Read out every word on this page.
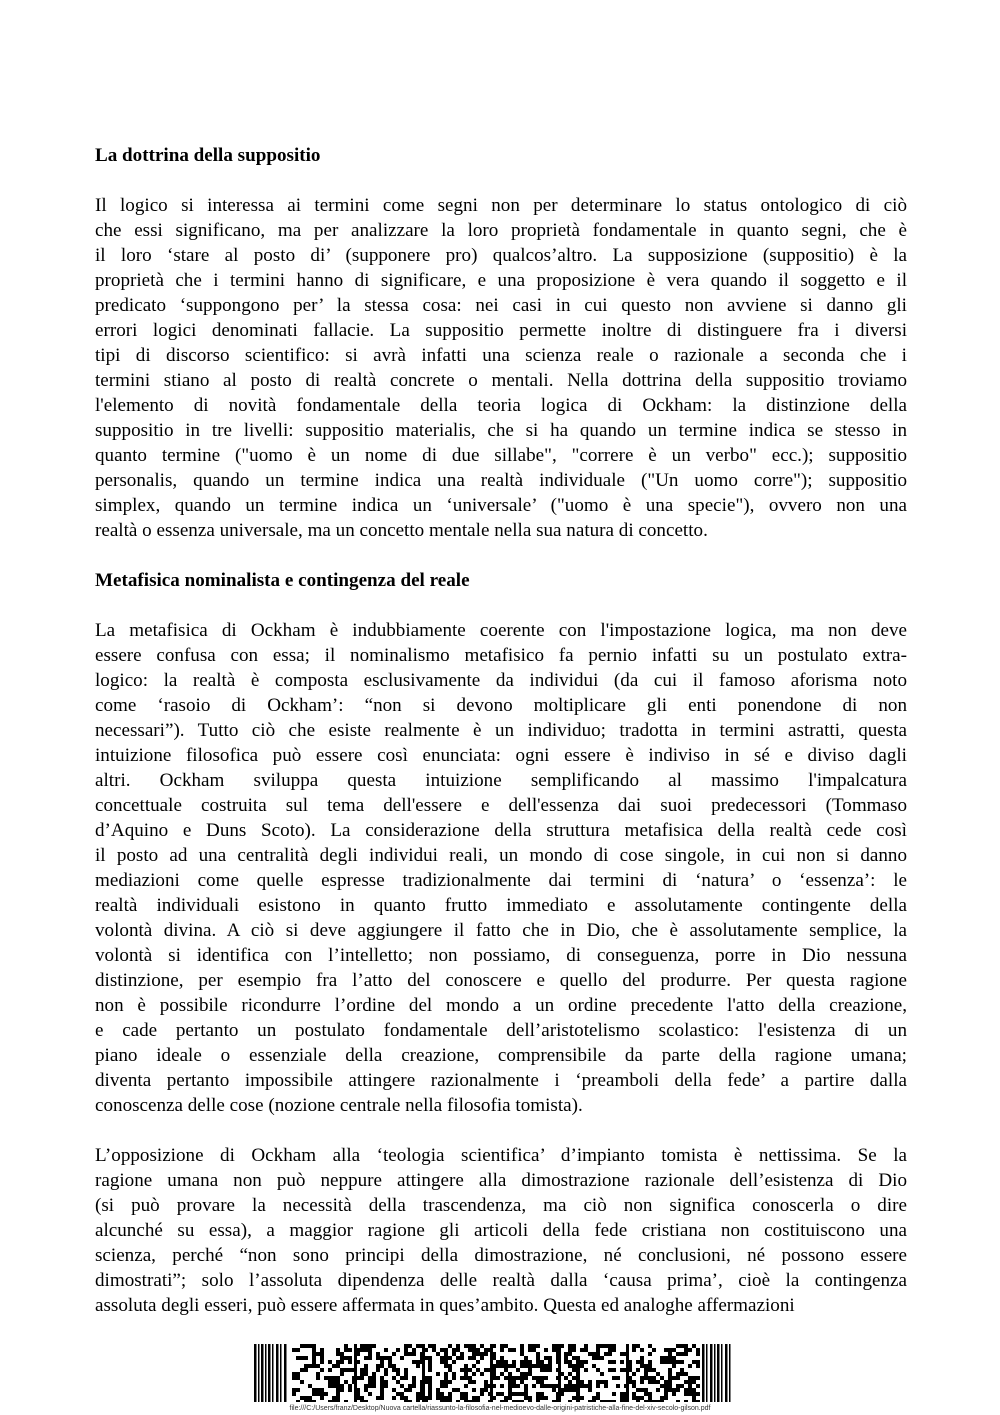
La dottrina della suppositio

Il logico si interessa ai termini come segni non per determinare lo status ontologico di ciò
che essi significano, ma per analizzare la loro proprietà fondamentale in quanto segni, che è
il loro ‘stare al posto di’ (supponere pro) qualcos’altro. La supposizione (suppositio) è la
proprietà che i termini hanno di significare, e una proposizione è vera quando il soggetto e il
predicato ‘suppongono per’ la stessa cosa: nei casi in cui questo non avviene si danno gli
errori logici denominati fallacie. La suppositio permette inoltre di distinguere fra i diversi
tipi di discorso scientifico: si avrà infatti una scienza reale o razionale a seconda che i
termini stiano al posto di realtà concrete o mentali. Nella dottrina della suppositio troviamo
l'elemento di novità fondamentale della teoria logica di Ockham: la distinzione della
suppositio in tre livelli: suppositio materialis, che si ha quando un termine indica se stesso in
quanto termine ("uomo è un nome di due sillabe", "correre è un verbo" ecc.); suppositio
personalis, quando un termine indica una realtà individuale ("Un uomo corre"); suppositio
simplex, quando un termine indica un ‘universale’ ("uomo è una specie"), ovvero non una
realtà o essenza universale, ma un concetto mentale nella sua natura di concetto.

Metafisica nominalista e contingenza del reale

La metafisica di Ockham è indubbiamente coerente con l'impostazione logica, ma non deve
essere confusa con essa; il nominalismo metafisico fa pernio infatti su un postulato extra-
logico: la realtà è composta esclusivamente da individui (da cui il famoso aforisma noto
come ‘rasoio di Ockham’: “non si devono moltiplicare gli enti ponendone di non
necessari”). Tutto ciò che esiste realmente è un individuo; tradotta in termini astratti, questa
intuizione filosofica può essere così enunciata: ogni essere è indiviso in sé e diviso dagli
altri. Ockham sviluppa questa intuizione semplificando al massimo l'impalcatura
concettuale costruita sul tema dell'essere e dell'essenza dai suoi predecessori (Tommaso
d’Aquino e Duns Scoto). La considerazione della struttura metafisica della realtà cede così
il posto ad una centralità degli individui reali, un mondo di cose singole, in cui non si danno
mediazioni come quelle espresse tradizionalmente dai termini di ‘natura’ o ‘essenza’: le
realtà individuali esistono in quanto frutto immediato e assolutamente contingente della
volontà divina. A ciò si deve aggiungere il fatto che in Dio, che è assolutamente semplice, la
volontà si identifica con l’intelletto; non possiamo, di conseguenza, porre in Dio nessuna
distinzione, per esempio fra l’atto del conoscere e quello del produrre. Per questa ragione
non è possibile ricondurre l’ordine del mondo a un ordine precedente l'atto della creazione,
e cade pertanto un postulato fondamentale dell’aristotelismo scolastico: l'esistenza di un
piano ideale o essenziale della creazione, comprensibile da parte della ragione umana;
diventa pertanto impossibile attingere razionalmente i ‘preamboli della fede’ a partire dalla
conoscenza delle cose (nozione centrale nella filosofia tomista).

L’opposizione di Ockham alla ‘teologia scientifica’ d’impianto tomista è nettissima. Se la
ragione umana non può neppure attingere alla dimostrazione razionale dell’esistenza di Dio
(si può provare la necessità della trascendenza, ma ciò non significa conoscerla o dire
alcunché su essa), a maggior ragione gli articoli della fede cristiana non costituiscono una
scienza, perché “non sono principi della dimostrazione, né conclusioni, né possono essere
dimostrati”; solo l’assoluta dipendenza delle realtà dalla ‘causa prima’, cioè la contingenza
assoluta degli esseri, può essere affermata in ques’ambito. Questa ed analoghe affermazioni

file:///C:/Users/franz/Desktop/Nuova cartella/riassunto-la-filosofia-nel-medioevo-dalle-origini-patristiche-alla-fine-del-xiv-secolo-gilson.pdf
